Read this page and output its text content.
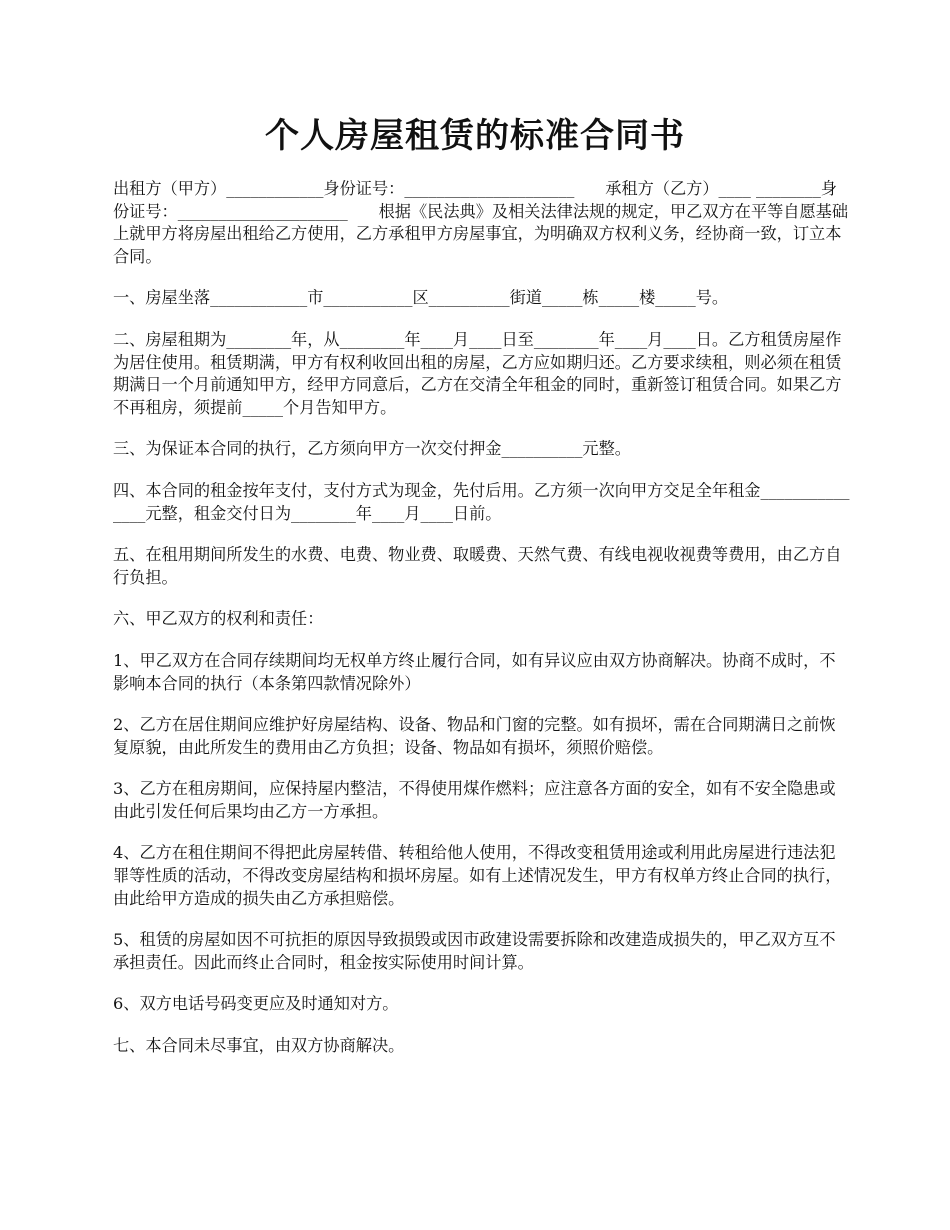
个人房屋租赁的标准合同书

出租方（甲方）____________身份证号：_____________________      承租方（乙方）____ ________身份证号：_____________________      根据《民法典》及相关法律法规的规定，甲乙双方在平等自愿基础上就甲方将房屋出租给乙方使用，乙方承租甲方房屋事宜，为明确双方权利义务，经协商一致，订立本合同。

一、房屋坐落____________市___________区__________街道_____栋_____楼_____号。

二、房屋租期为________年，从________年____月____日至________年____月____日。乙方租赁房屋作为居住使用。租赁期满，甲方有权利收回出租的房屋，乙方应如期归还。乙方要求续租，则必须在租赁期满日一个月前通知甲方，经甲方同意后，乙方在交清全年租金的同时，重新签订租赁合同。如果乙方不再租房，须提前_____个月告知甲方。

三、为保证本合同的执行，乙方须向甲方一次交付押金__________元整。

四、本合同的租金按年支付，支付方式为现金，先付后用。乙方须一次向甲方交足全年租金_______________元整，租金交付日为________年____月____日前。

五、在租用期间所发生的水费、电费、物业费、取暖费、天然气费、有线电视收视费等费用，由乙方自行负担。

六、甲乙双方的权利和责任：

1、甲乙双方在合同存续期间均无权单方终止履行合同，如有异议应由双方协商解决。协商不成时，不影响本合同的执行（本条第四款情况除外）

2、乙方在居住期间应维护好房屋结构、设备、物品和门窗的完整。如有损坏，需在合同期满日之前恢复原貌，由此所发生的费用由乙方负担；设备、物品如有损坏，须照价赔偿。

3、乙方在租房期间，应保持屋内整洁，不得使用煤作燃料；应注意各方面的安全，如有不安全隐患或由此引发任何后果均由乙方一方承担。

4、乙方在租住期间不得把此房屋转借、转租给他人使用，不得改变租赁用途或利用此房屋进行违法犯罪等性质的活动，不得改变房屋结构和损坏房屋。如有上述情况发生，甲方有权单方终止合同的执行，由此给甲方造成的损失由乙方承担赔偿。

5、租赁的房屋如因不可抗拒的原因导致损毁或因市政建设需要拆除和改建造成损失的，甲乙双方互不承担责任。因此而终止合同时，租金按实际使用时间计算。

6、双方电话号码变更应及时通知对方。

七、本合同未尽事宜，由双方协商解决。
